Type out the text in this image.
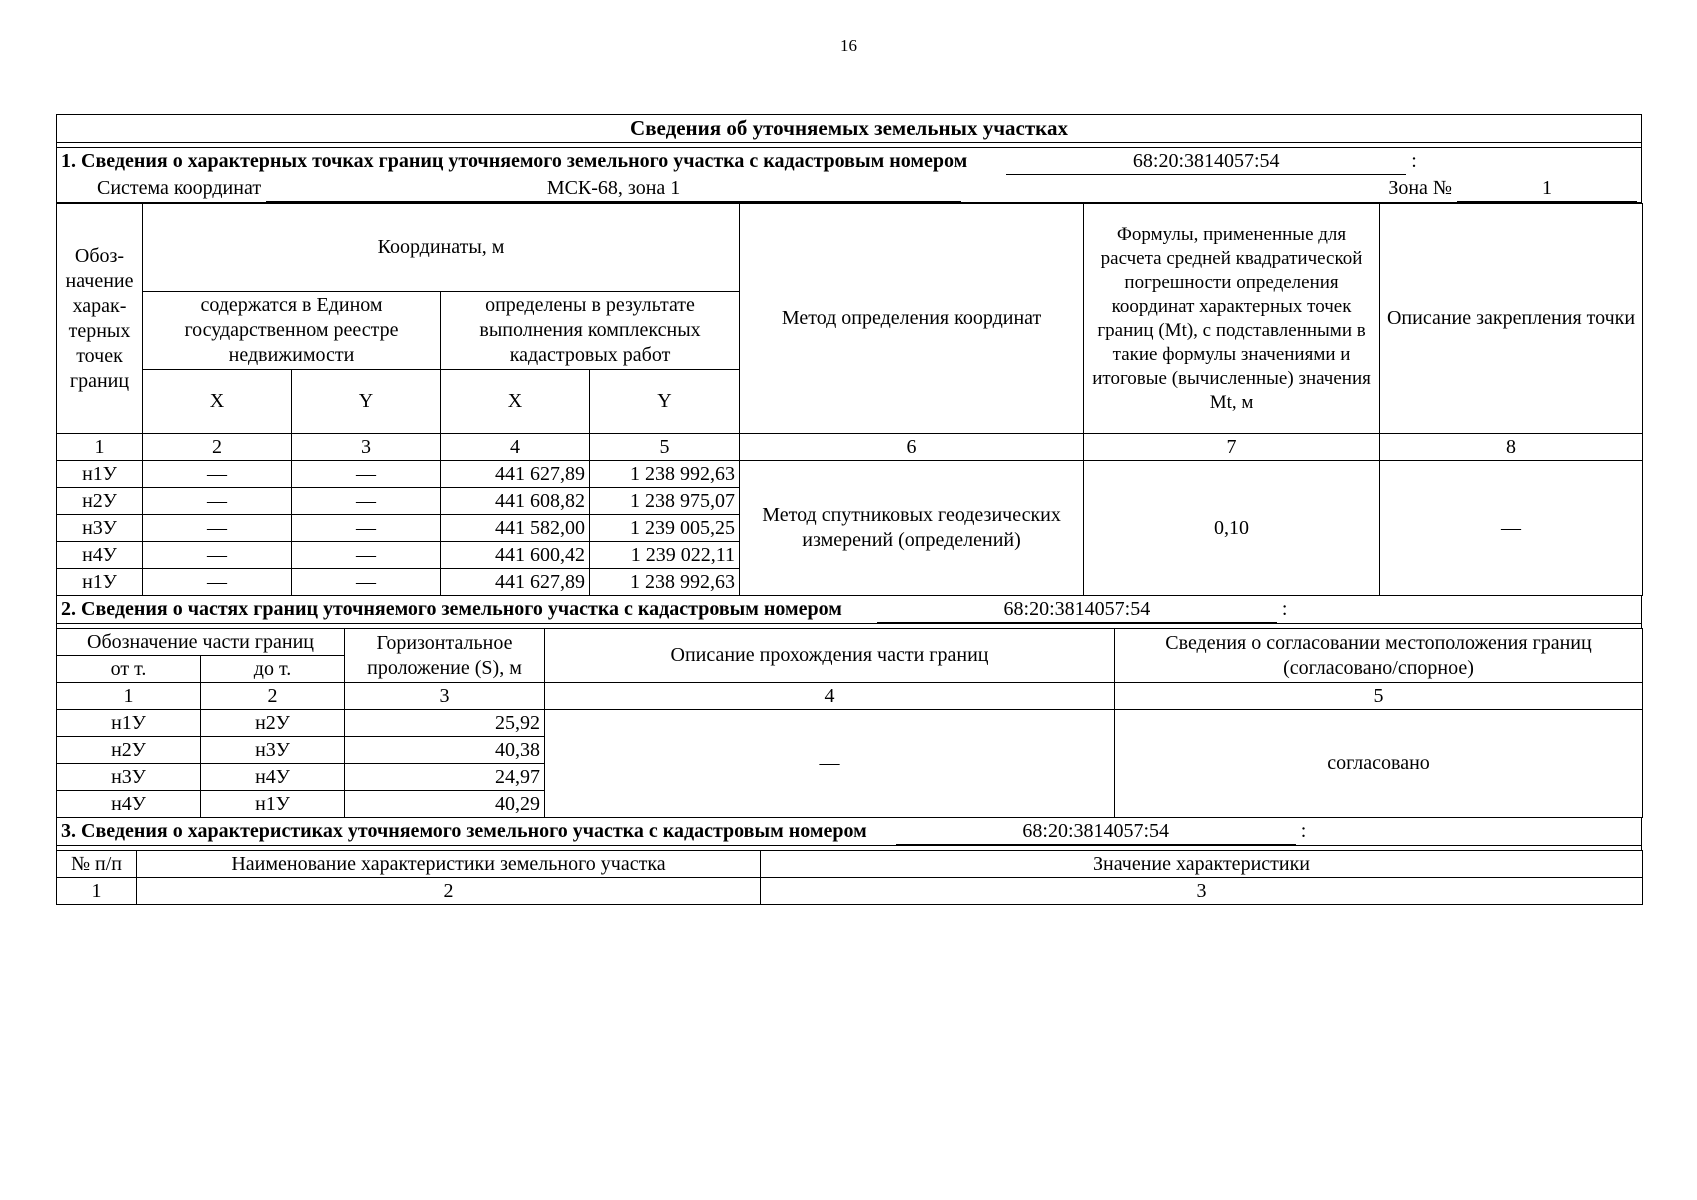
16
Сведения об уточняемых земельных участках
1. Сведения о характерных точках границ уточняемого земельного участка с кадастровым номером	68:20:3814057:54	:
Система координат	МСК-68, зона 1	Зона №	1
Обоз-начение харак-терных точек границ	Координаты, м				Метод определения координат	Формулы, примененные для расчета средней квадратической погрешности определения координат характерных точек границ (Mt), с подставленными в такие формулы значениями и итоговые (вычисленные) значения Mt, м	Описание закрепления точки
	содержатся в Едином государственном реестре недвижимости		определены в результате выполнения комплексных кадастровых работ				
	X	Y	X	Y			
1	2	3	4	5	6	7	8
н1У	—	—	441 627,89	1 238 992,63	Метод спутниковых геодезических измерений (определений)	0,10	—
н2У	—	—	441 608,82	1 238 975,07			
н3У	—	—	441 582,00	1 239 005,25			
н4У	—	—	441 600,42	1 239 022,11			
н1У	—	—	441 627,89	1 238 992,63			
2. Сведения о частях границ уточняемого земельного участка с кадастровым номером	68:20:3814057:54	:
Обозначение части границ		Горизонтальное проложение (S), м	Описание прохождения части границ	Сведения о согласовании местоположения границ (согласовано/спорное)
от т.	до т.			
1	2	3	4	5
н1У	н2У	25,92	—	согласовано
н2У	н3У	40,38		
н3У	н4У	24,97		
н4У	н1У	40,29		
3. Сведения о характеристиках уточняемого земельного участка с кадастровым номером	68:20:3814057:54	:
№ п/п	Наименование характеристики земельного участка	Значение характеристики
1	2	3
